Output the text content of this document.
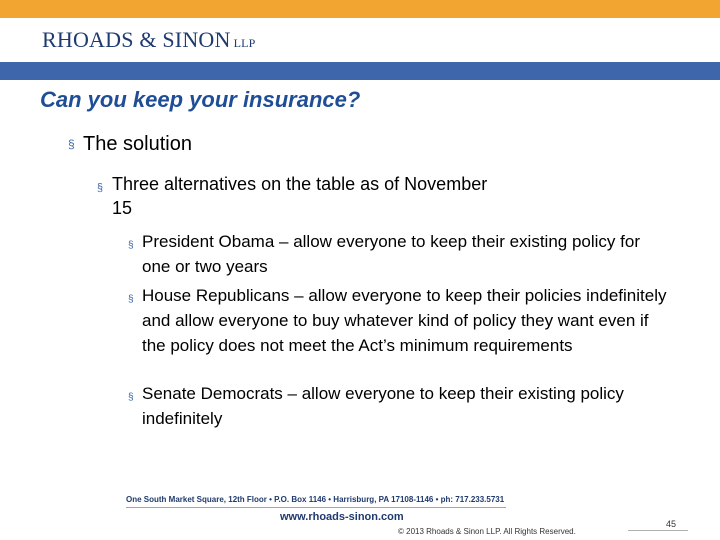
RHOADS & SINON LLP
Can you keep your insurance?
§ The solution
§ Three alternatives on the table as of November 15
§ President Obama – allow everyone to keep their existing policy for one or two years
§ House Republicans – allow everyone to keep their policies indefinitely and allow everyone to buy whatever kind of policy they want even if the policy does not meet the Act’s minimum requirements
§ Senate Democrats – allow everyone to keep their existing policy indefinitely
One South Market Square, 12th Floor • P.O. Box 1146 • Harrisburg, PA 17108-1146 • ph: 717.233.5731
www.rhoads-sinon.com
© 2013 Rhoads & Sinon LLP. All Rights Reserved.
45
